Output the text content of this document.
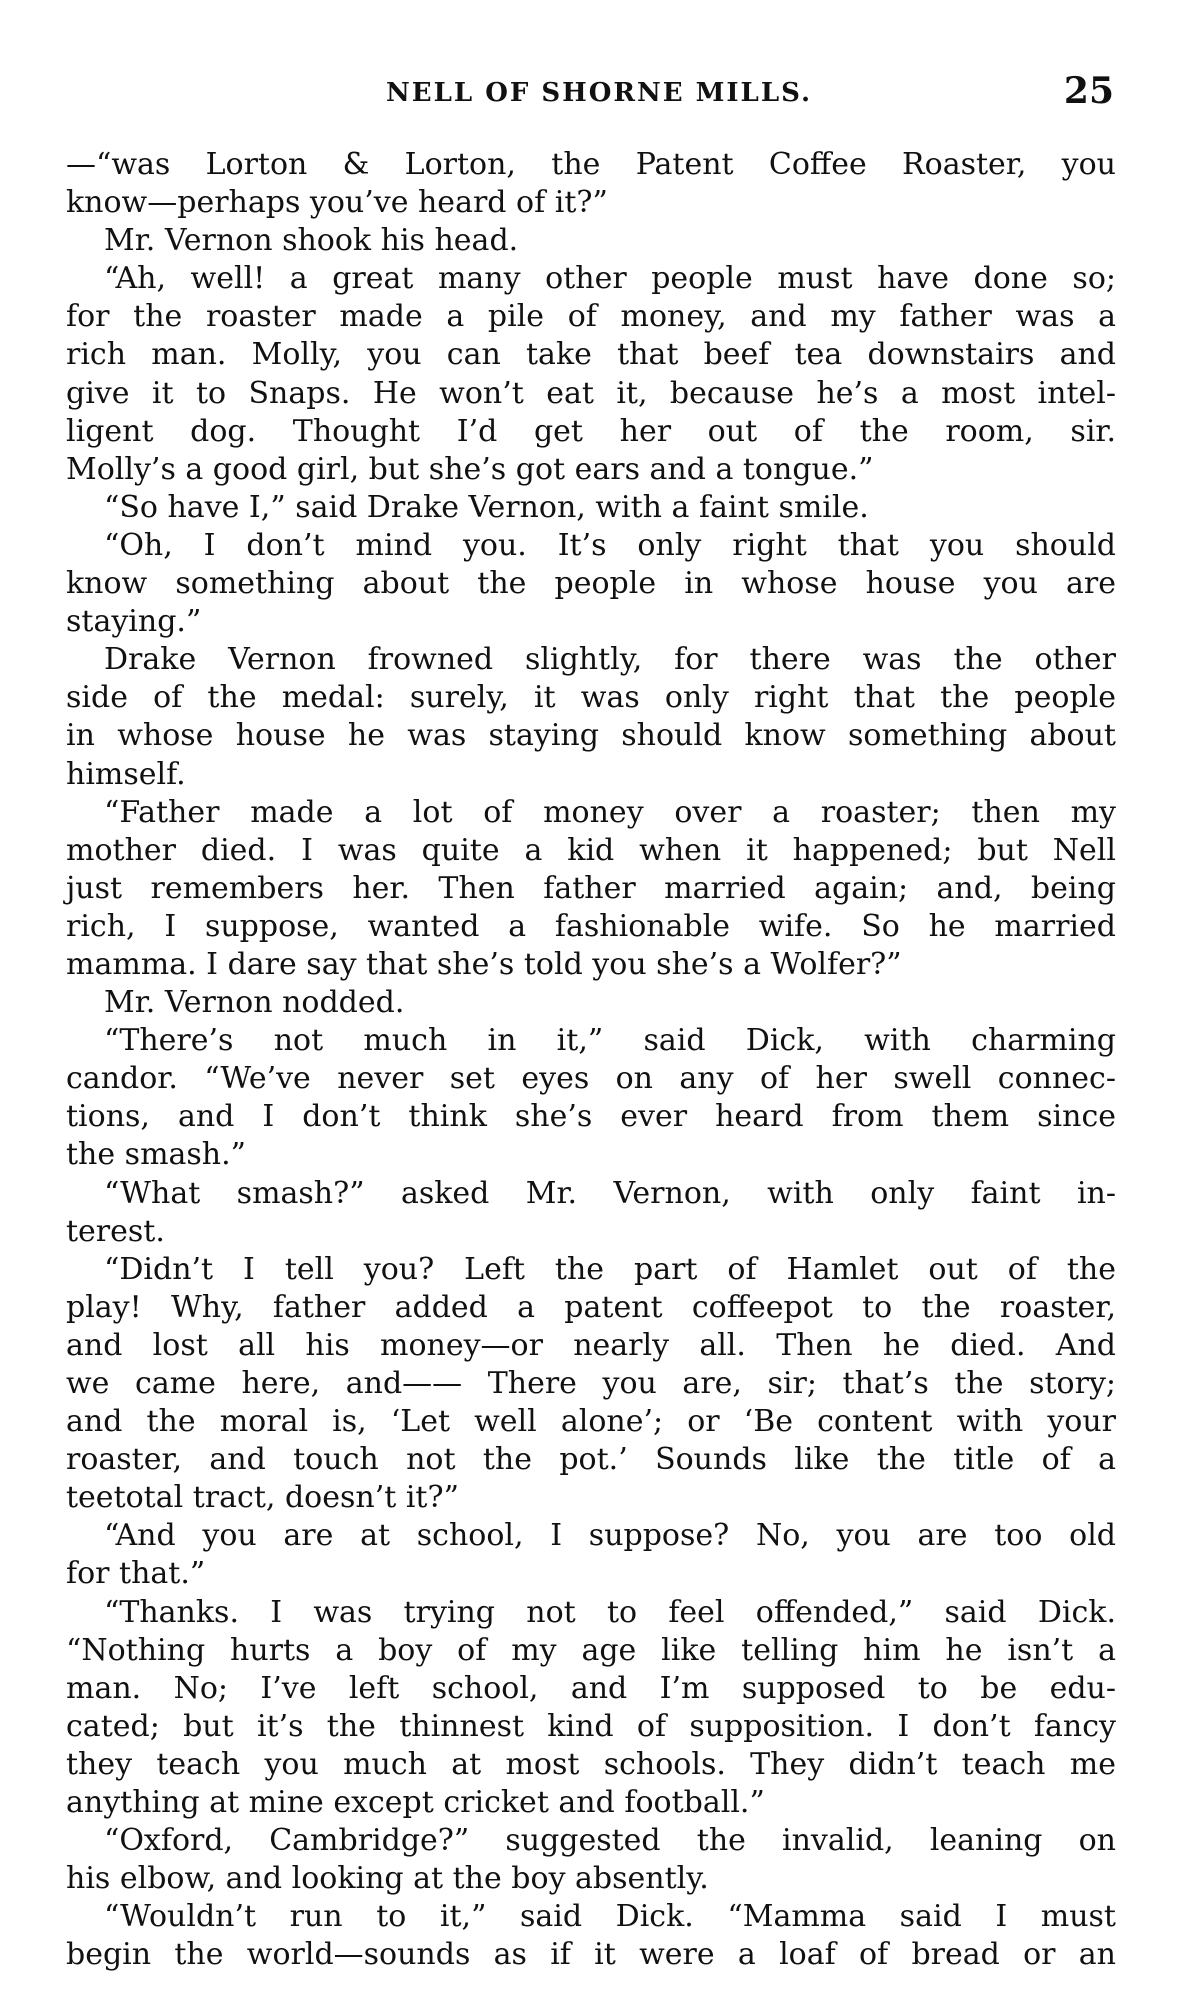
NELL OF SHORNE MILLS.	25
—“was Lorton & Lorton, the Patent Coffee Roaster, you
know—perhaps you’ve heard of it?”
Mr. Vernon shook his head.
“Ah, well! a great many other people must have done so;
for the roaster made a pile of money, and my father was a
rich man. Molly, you can take that beef tea downstairs and
give it to Snaps. He won’t eat it, because he’s a most intel-
ligent dog. Thought I’d get her out of the room, sir.
Molly’s a good girl, but she’s got ears and a tongue.”
“So have I,” said Drake Vernon, with a faint smile.
“Oh, I don’t mind you. It’s only right that you should
know something about the people in whose house you are
staying.”
Drake Vernon frowned slightly, for there was the other
side of the medal: surely, it was only right that the people
in whose house he was staying should know something about
himself.
“Father made a lot of money over a roaster; then my
mother died. I was quite a kid when it happened; but Nell
just remembers her. Then father married again; and, being
rich, I suppose, wanted a fashionable wife. So he married
mamma. I dare say that she’s told you she’s a Wolfer?”
Mr. Vernon nodded.
“There’s not much in it,” said Dick, with charming
candor. “We’ve never set eyes on any of her swell connec-
tions, and I don’t think she’s ever heard from them since
the smash.”
“What smash?” asked Mr. Vernon, with only faint in-
terest.
“Didn’t I tell you? Left the part of Hamlet out of the
play! Why, father added a patent coffeepot to the roaster,
and lost all his money—or nearly all. Then he died. And
we came here, and—— There you are, sir; that’s the story;
and the moral is, ‘Let well alone’; or ‘Be content with your
roaster, and touch not the pot.’ Sounds like the title of a
teetotal tract, doesn’t it?”
“And you are at school, I suppose? No, you are too old
for that.”
“Thanks. I was trying not to feel offended,” said Dick.
“Nothing hurts a boy of my age like telling him he isn’t a
man. No; I’ve left school, and I’m supposed to be edu-
cated; but it’s the thinnest kind of supposition. I don’t fancy
they teach you much at most schools. They didn’t teach me
anything at mine except cricket and football.”
“Oxford, Cambridge?” suggested the invalid, leaning on
his elbow, and looking at the boy absently.
“Wouldn’t run to it,” said Dick. “Mamma said I must
begin the world—sounds as if it were a loaf of bread or an
